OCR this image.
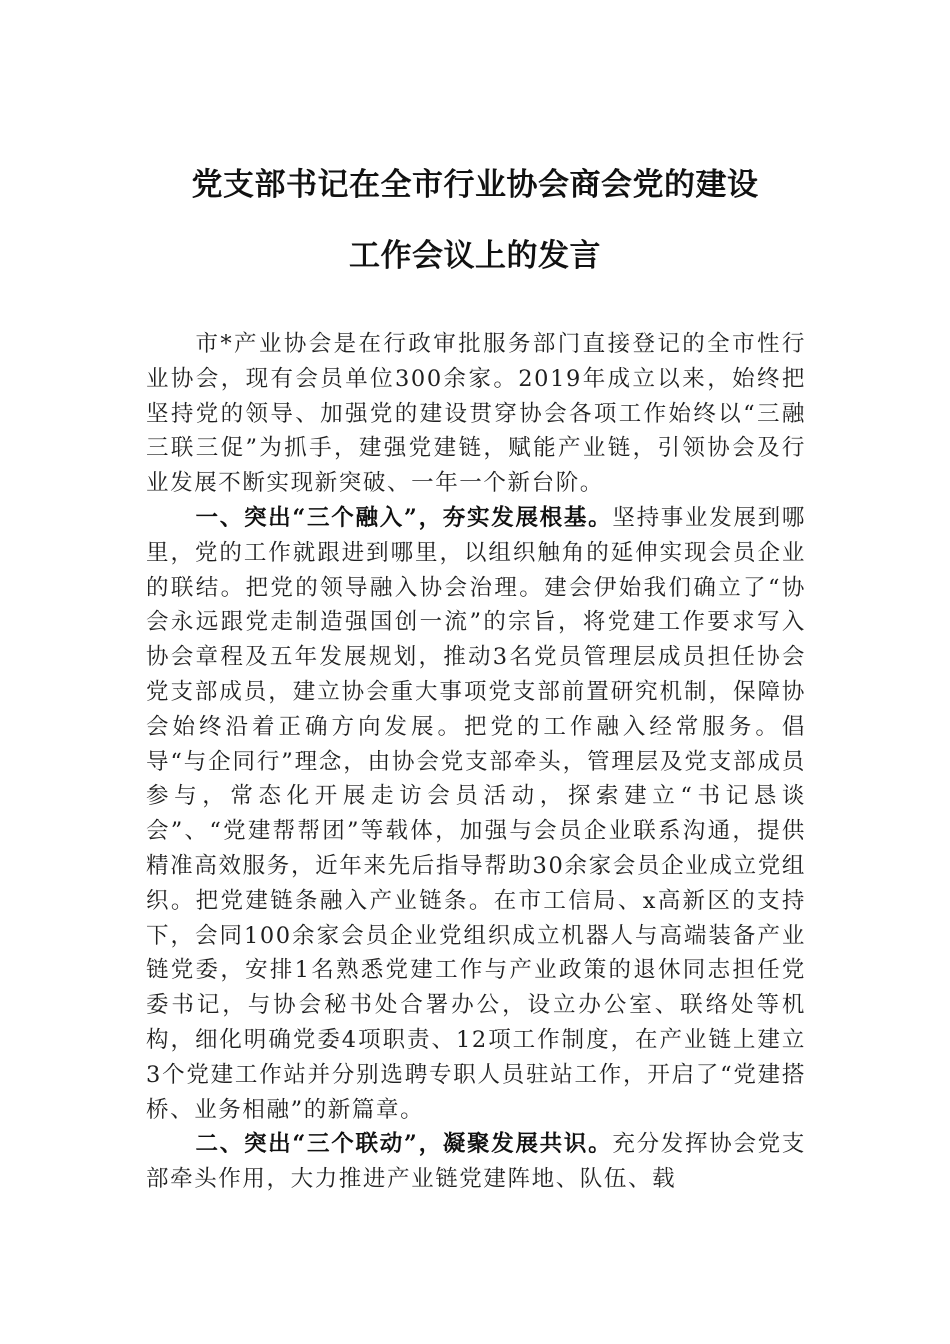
党支部书记在全市行业协会商会党的建设
工作会议上的发言

市*产业协会是在行政审批服务部门直接登记的全市性行业协会，现有会员单位300余家。2019年成立以来，始终把坚持党的领导、加强党的建设贯穿协会各项工作始终以“三融三联三促”为抓手，建强党建链，赋能产业链，引领协会及行业发展不断实现新突破、一年一个新台阶。

一、突出“三个融入”，夯实发展根基。坚持事业发展到哪里，党的工作就跟进到哪里，以组织触角的延伸实现会员企业的联结。把党的领导融入协会治理。建会伊始我们确立了“协会永远跟党走制造强国创一流”的宗旨，将党建工作要求写入协会章程及五年发展规划，推动3名党员管理层成员担任协会党支部成员，建立协会重大事项党支部前置研究机制，保障协会始终沿着正确方向发展。把党的工作融入经常服务。倡导“与企同行”理念，由协会党支部牵头，管理层及党支部成员参与，常态化开展走访会员活动，探索建立“书记恳谈会”、“党建帮帮团”等载体，加强与会员企业联系沟通，提供精准高效服务，近年来先后指导帮助30余家会员企业成立党组织。把党建链条融入产业链条。在市工信局、x高新区的支持下，会同100余家会员企业党组织成立机器人与高端装备产业链党委，安排1名熟悉党建工作与产业政策的退休同志担任党委书记，与协会秘书处合署办公，设立办公室、联络处等机构，细化明确党委4项职责、12项工作制度，在产业链上建立3个党建工作站并分别选聘专职人员驻站工作，开启了“党建搭桥、业务相融”的新篇章。

二、突出“三个联动”，凝聚发展共识。充分发挥协会党支部牵头作用，大力推进产业链党建阵地、队伍、载
